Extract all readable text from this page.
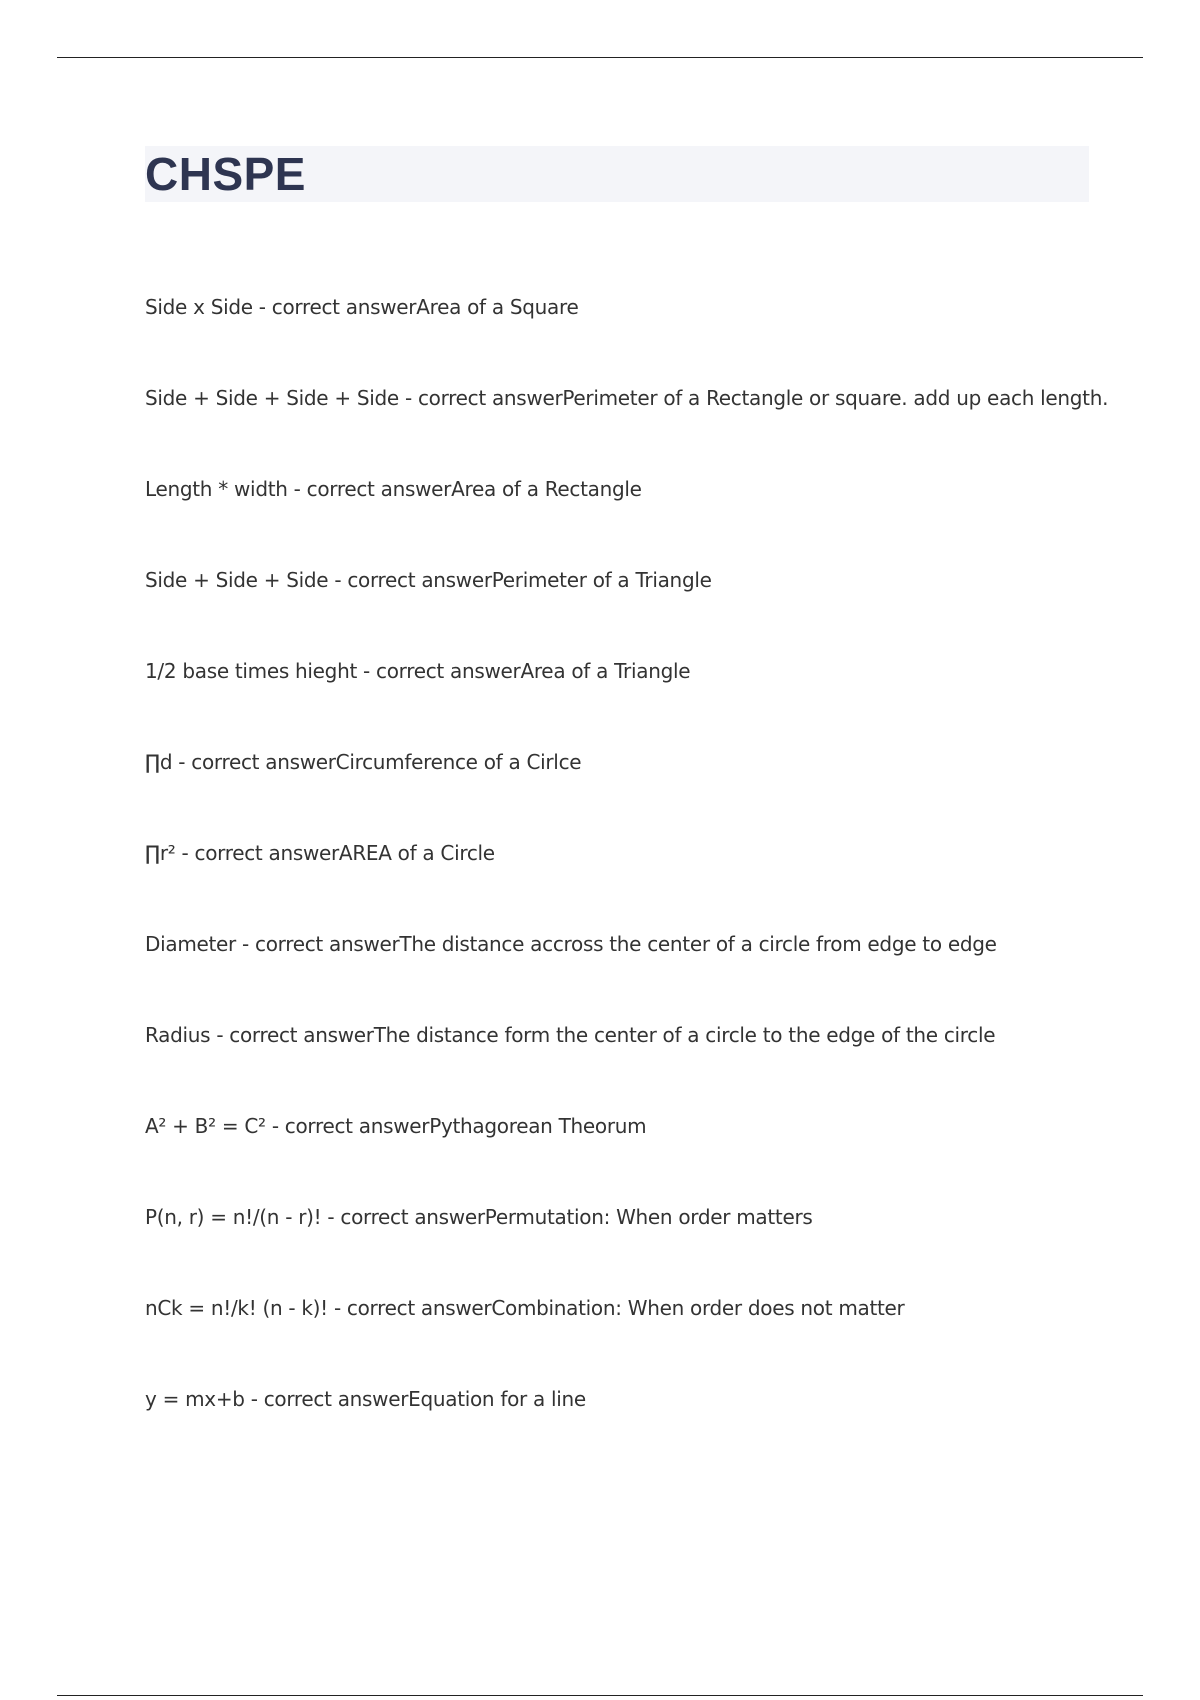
CHSPE
Side x Side - correct answerArea of a Square
Side + Side + Side + Side - correct answerPerimeter of a Rectangle or square. add up each length.
Length * width - correct answerArea of a Rectangle
Side + Side + Side - correct answerPerimeter of a Triangle
1/2 base times hieght - correct answerArea of a Triangle
∏d - correct answerCircumference of a Cirlce
∏r² - correct answerAREA of a Circle
Diameter - correct answerThe distance accross the center of a circle from edge to edge
Radius - correct answerThe distance form the center of a circle to the edge of the circle
A² + B² = C² - correct answerPythagorean Theorum
P(n, r) = n!/(n - r)! - correct answerPermutation: When order matters
nCk = n!/k! (n - k)! - correct answerCombination: When order does not matter
y = mx+b - correct answerEquation for a line
